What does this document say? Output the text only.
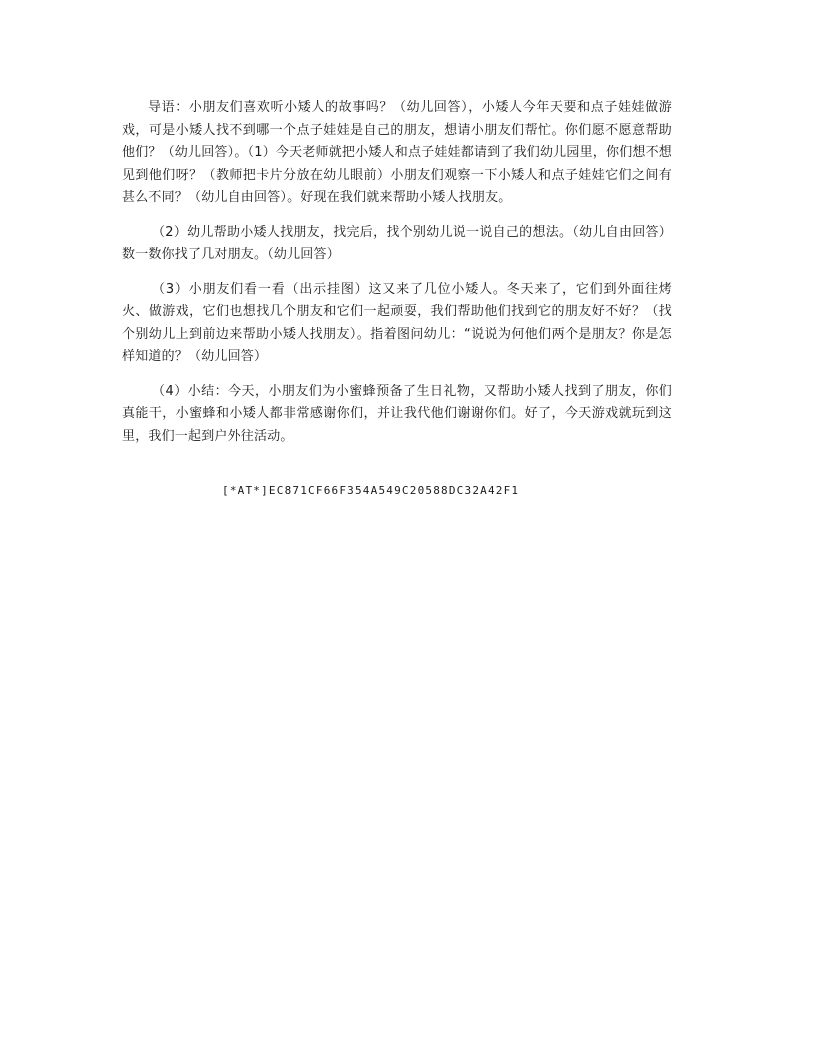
导语：小朋友们喜欢听小矮人的故事吗？（幼儿回答），小矮人今年天要和点子娃娃做游戏，可是小矮人找不到哪一个点子娃娃是自己的朋友，想请小朋友们帮忙。你们愿不愿意帮助他们？（幼儿回答）。（1）今天老师就把小矮人和点子娃娃都请到了我们幼儿园里，你们想不想见到他们呀？（教师把卡片分放在幼儿眼前）小朋友们观察一下小矮人和点子娃娃它们之间有甚么不同？（幼儿自由回答）。好现在我们就来帮助小矮人找朋友。

（2）幼儿帮助小矮人找朋友，找完后，找个别幼儿说一说自己的想法。（幼儿自由回答）数一数你找了几对朋友。（幼儿回答）

（3）小朋友们看一看（出示挂图）这又来了几位小矮人。冬天来了，它们到外面往烤火、做游戏，它们也想找几个朋友和它们一起顽耍，我们帮助他们找到它的朋友好不好？（找个别幼儿上到前边来帮助小矮人找朋友）。指着图问幼儿：“说说为何他们两个是朋友？你是怎样知道的？（幼儿回答）

（4）小结：今天，小朋友们为小蜜蜂预备了生日礼物，又帮助小矮人找到了朋友，你们真能干，小蜜蜂和小矮人都非常感谢你们，并让我代他们谢谢你们。好了，今天游戏就玩到这里，我们一起到户外往活动。

[*AT*]EC871CF66F354A549C20588DC32A42F1
